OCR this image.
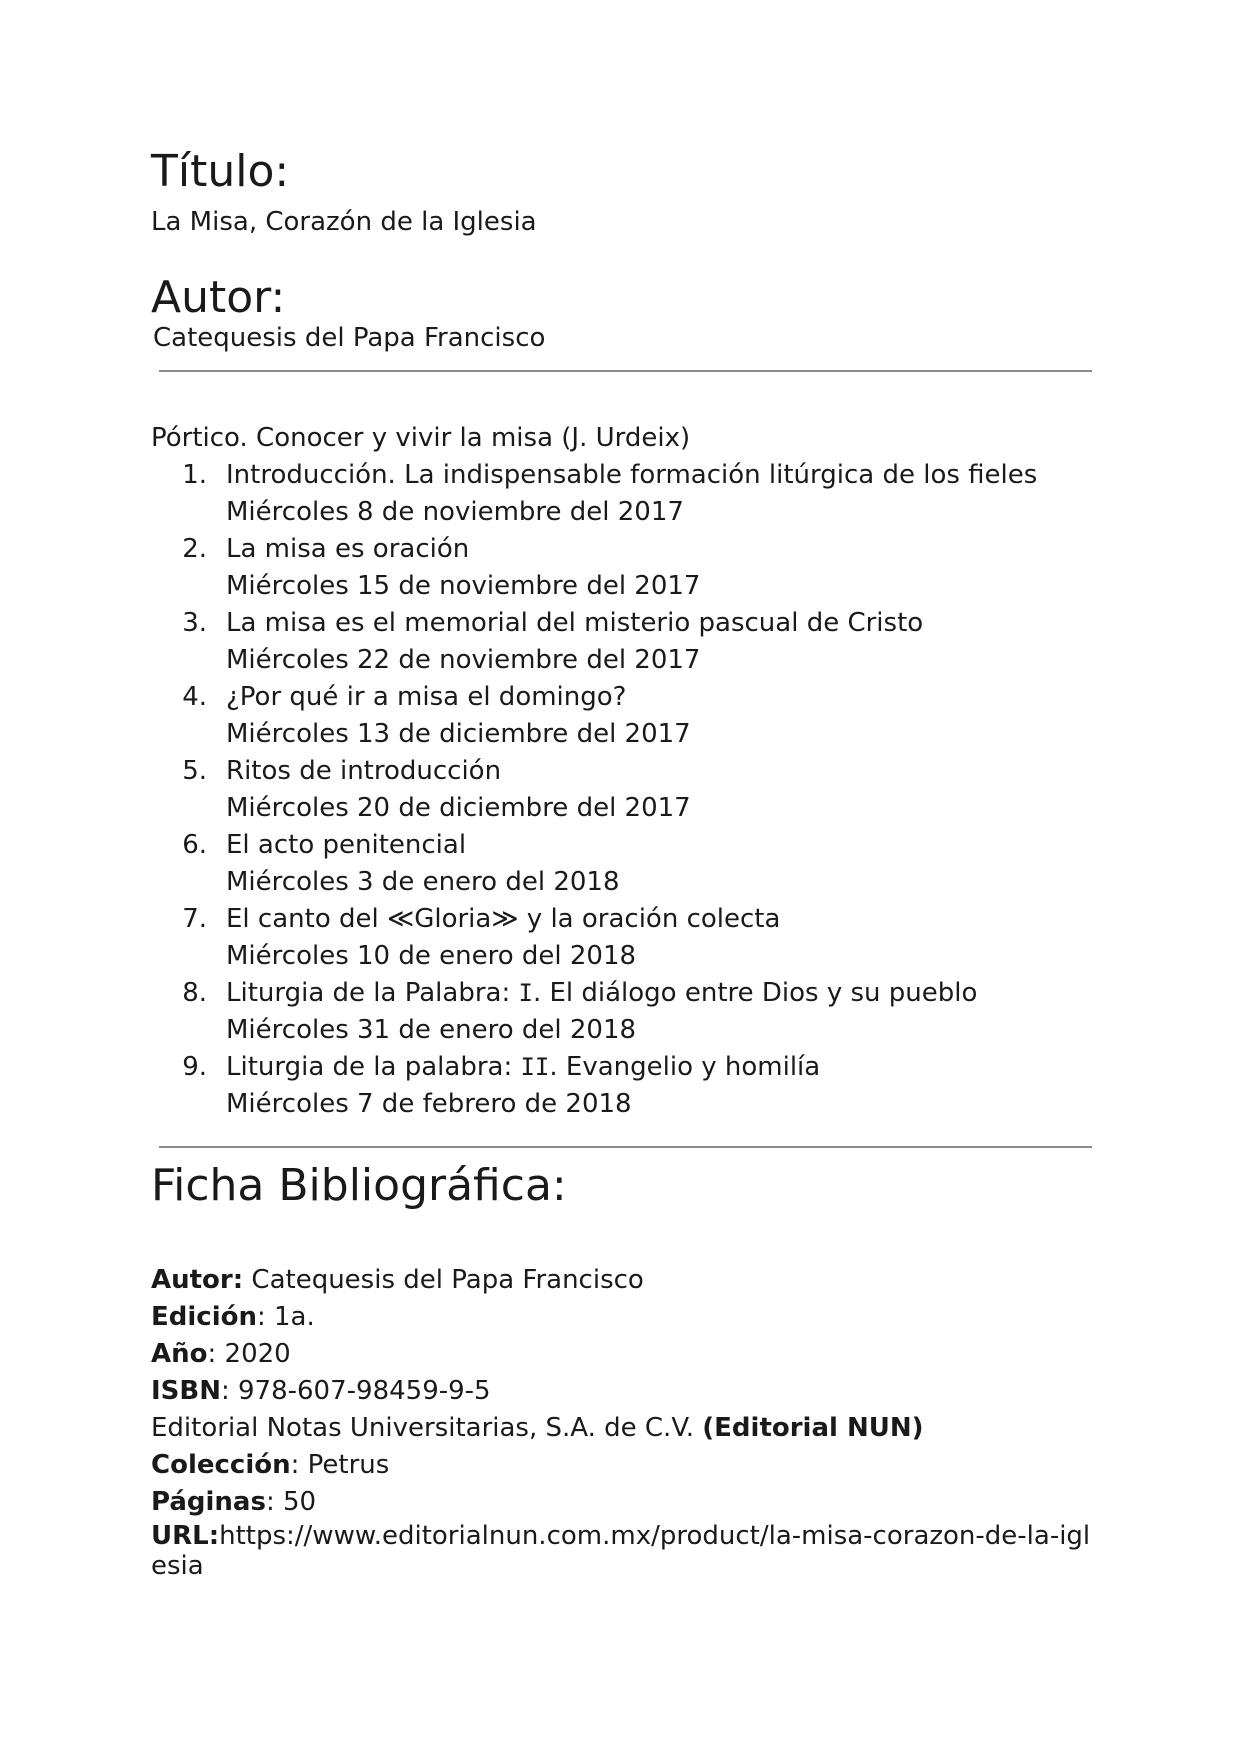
Título:

La Misa, Corazón de la Iglesia

Autor:

Catequesis del Papa Francisco

Pórtico. Conocer y vivir la misa (J. Urdeix)

1. Introducción. La indispensable formación litúrgica de los fieles
Miércoles 8 de noviembre del 2017
2. La misa es oración
Miércoles 15 de noviembre del 2017
3. La misa es el memorial del misterio pascual de Cristo
Miércoles 22 de noviembre del 2017
4. ¿Por qué ir a misa el domingo?
Miércoles 13 de diciembre del 2017
5. Ritos de introducción
Miércoles 20 de diciembre del 2017
6. El acto penitencial
Miércoles 3 de enero del 2018
7. El canto del ≪Gloria≫ y la oración colecta
Miércoles 10 de enero del 2018
8. Liturgia de la Palabra: I. El diálogo entre Dios y su pueblo
Miércoles 31 de enero del 2018
9. Liturgia de la palabra: II. Evangelio y homilía
Miércoles 7 de febrero de 2018
Ficha Bibliográfica:
Autor: Catequesis del Papa Francisco
Edición: 1a.
Año: 2020
ISBN: 978-607-98459-9-5
Editorial Notas Universitarias, S.A. de C.V. (Editorial NUN)
Colección: Petrus
Páginas: 50
URL:https://www.editorialnun.com.mx/product/la-misa-corazon-de-la-iglesia
